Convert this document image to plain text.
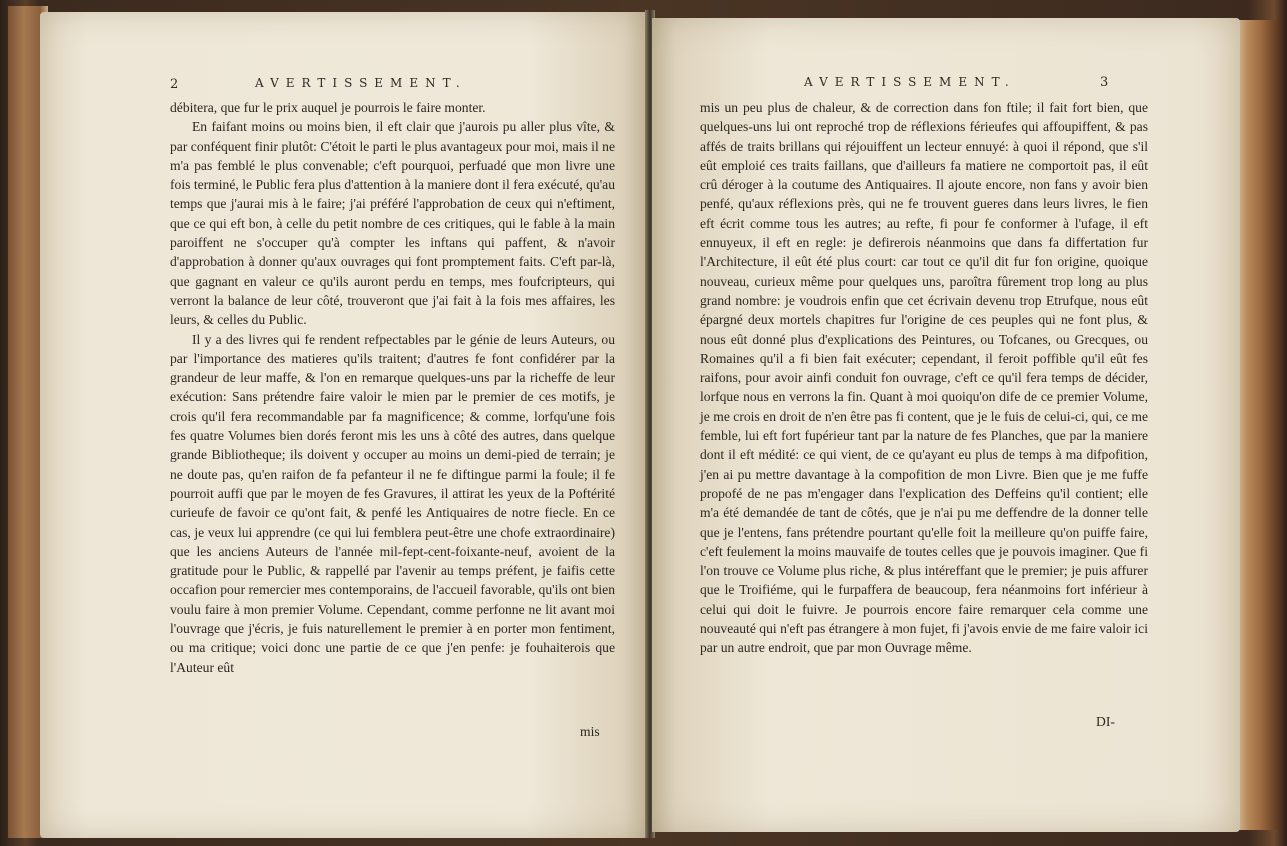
2	AVERTISSEMENT.

débitera, que fur le prix auquel je pourrois le faire monter.

En faifant moins ou moins bien, il eft clair que j'aurois pu aller plus vîte, & par conféquent finir plutôt: C'étoit le parti le plus avantageux pour moi, mais il ne m'a pas femblé le plus convenable; c'eft pourquoi, perfuadé que mon livre une fois terminé, le Public fera plus d'attention à la maniere dont il fera exécuté, qu'au temps que j'aurai mis à le faire; j'ai préféré l'approbation de ceux qui n'eftiment, que ce qui eft bon, à celle du petit nombre de ces critiques, qui le fable à la main paroiffent ne s'occuper qu'à compter les inftans qui paffent, & n'avoir d'approbation à donner qu'aux ouvrages qui font promptement faits. C'eft par-là, que gagnant en valeur ce qu'ils auront perdu en temps, mes foufcripteurs, qui verront la balance de leur côté, trouveront que j'ai fait à la fois mes affaires, les leurs, & celles du Public.

Il y a des livres qui fe rendent refpectables par le génie de leurs Auteurs, ou par l'importance des matieres qu'ils traitent; d'autres fe font confidérer par la grandeur de leur maffe, & l'on en remarque quelques-uns par la richeffe de leur exécution: Sans prétendre faire valoir le mien par le premier de ces motifs, je crois qu'il fera recommandable par fa magnificence; & comme, lorfqu'une fois fes quatre Volumes bien dorés feront mis les uns à côté des autres, dans quelque grande Bibliotheque; ils doivent y occuper au moins un demi-pied de terrain; je ne doute pas, qu'en raifon de fa pefanteur il ne fe diftingue parmi la foule; il fe pourroit auffi que par le moyen de fes Gravures, il attirat les yeux de la Poftérité curieufe de favoir ce qu'ont fait, & penfé les Antiquaires de notre fiecle. En ce cas, je veux lui apprendre (ce qui lui femblera peut-être une chofe extraordinaire) que les anciens Auteurs de l'année mil-fept-cent-foixante-neuf, avoient de la gratitude pour le Public, & rappellé par l'avenir au temps préfent, je faifis cette occafion pour remercier mes contemporains, de l'accueil favorable, qu'ils ont bien voulu faire à mon premier Volume. Cependant, comme perfonne ne lit avant moi l'ouvrage que j'écris, je fuis naturellement le premier à en porter mon fentiment, ou ma critique; voici donc une partie de ce que j'en penfe: je fouhaiterois que l'Auteur eût

mis
AVERTISSEMENT.	3

mis un peu plus de chaleur, & de correction dans fon ftile; il fait fort bien, que quelques-uns lui ont reproché trop de réflexions férieufes qui affoupiffent, & pas affés de traits brillans qui réjouiffent un lecteur ennuyé: à quoi il répond, que s'il eût emploié ces traits faillans, que d'ailleurs fa matiere ne comportoit pas, il eût crû déroger à la coutume des Antiquaires. Il ajoute encore, non fans y avoir bien penfé, qu'aux réflexions près, qui ne fe trouvent gueres dans leurs livres, le fien eft écrit comme tous les autres; au refte, fi pour fe conformer à l'ufage, il eft ennuyeux, il eft en regle: je defirerois néanmoins que dans fa differtation fur l'Architecture, il eût été plus court: car tout ce qu'il dit fur fon origine, quoique nouveau, curieux même pour quelques uns, paroîtra fûrement trop long au plus grand nombre: je voudrois enfin que cet écrivain devenu trop Etrufque, nous eût épargné deux mortels chapitres fur l'origine de ces peuples qui ne font plus, & nous eût donné plus d'explications des Peintures, ou Tofcanes, ou Grecques, ou Romaines qu'il a fi bien fait exécuter; cependant, il feroit poffible qu'il eût fes raifons, pour avoir ainfi conduit fon ouvrage, c'eft ce qu'il fera temps de décider, lorfque nous en verrons la fin. Quant à moi quoiqu'on dife de ce premier Volume, je me crois en droit de n'en être pas fi content, que je le fuis de celui-ci, qui, ce me femble, lui eft fort fupérieur tant par la nature de fes Planches, que par la maniere dont il eft médité: ce qui vient, de ce qu'ayant eu plus de temps à ma difpofition, j'en ai pu mettre davantage à la compofition de mon Livre. Bien que je me fuffe propofé de ne pas m'engager dans l'explication des Deffeins qu'il contient; elle m'a été demandée de tant de côtés, que je n'ai pu me deffendre de la donner telle que je l'entens, fans prétendre pourtant qu'elle foit la meilleure qu'on puiffe faire, c'eft feulement la moins mauvaife de toutes celles que je pouvois imaginer. Que fi l'on trouve ce Volume plus riche, & plus intéreffant que le premier; je puis affurer que le Troifiéme, qui le furpaffera de beaucoup, fera néanmoins fort inférieur à celui qui doit le fuivre. Je pourrois encore faire remarquer cela comme une nouveauté qui n'eft pas étrangere à mon fujet, fi j'avois envie de me faire valoir ici par un autre endroit, que par mon Ouvrage même.

DI-
